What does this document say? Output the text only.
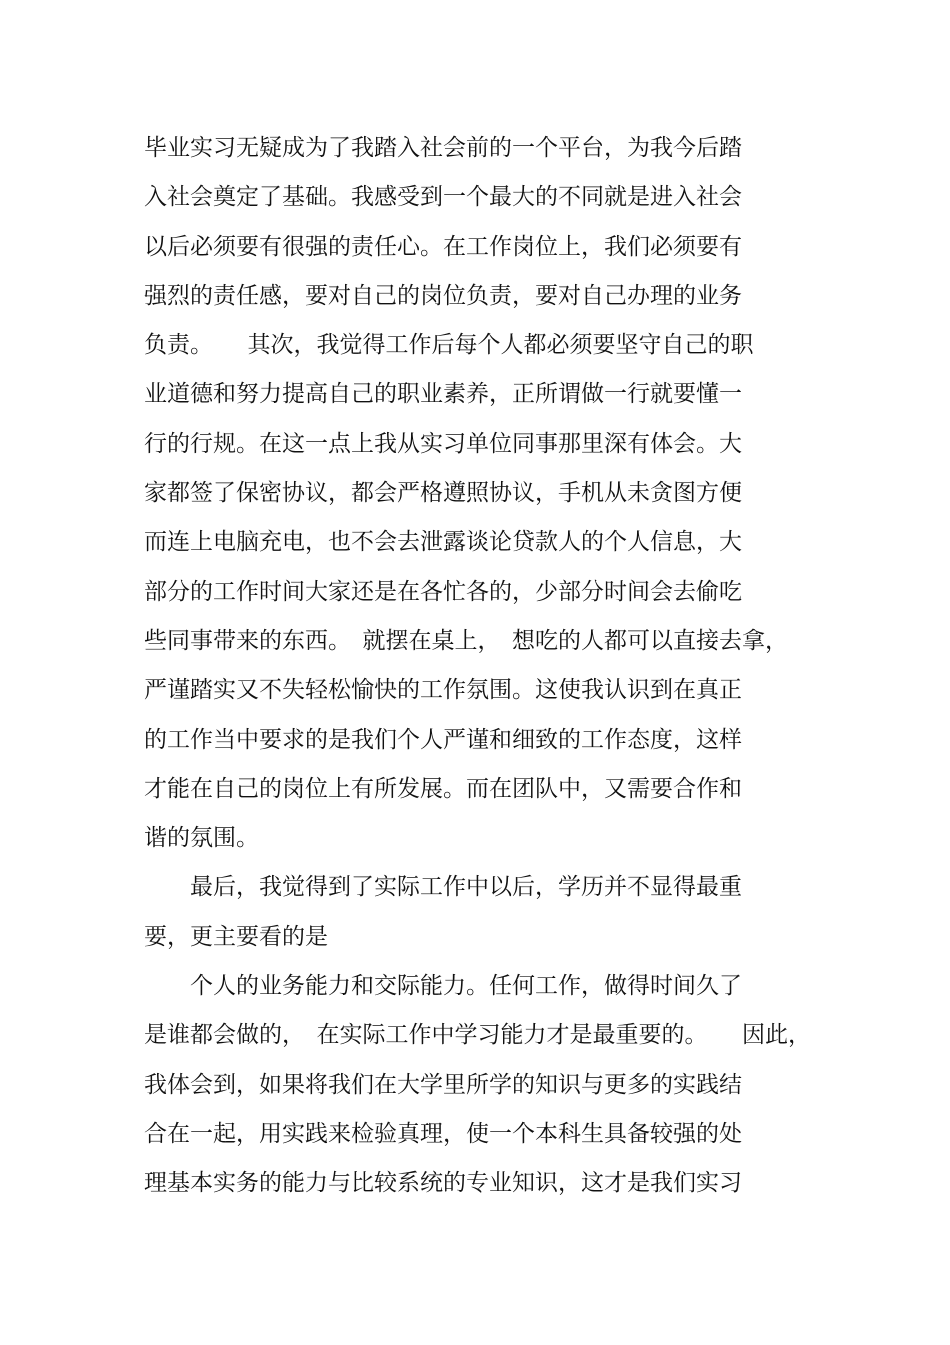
毕业实习无疑成为了我踏入社会前的一个平台，为我今后踏
入社会奠定了基础。我感受到一个最大的不同就是进入社会
以后必须要有很强的责任心。在工作岗位上，我们必须要有
强烈的责任感，要对自己的岗位负责，要对自己办理的业务
负责。　　其次，我觉得工作后每个人都必须要坚守自己的职
业道德和努力提高自己的职业素养，正所谓做一行就要懂一
行的行规。在这一点上我从实习单位同事那里深有体会。大
家都签了保密协议，都会严格遵照协议，手机从未贪图方便
而连上电脑充电，也不会去泄露谈论贷款人的个人信息，大
部分的工作时间大家还是在各忙各的，少部分时间会去偷吃
些同事带来的东西。　就摆在桌上，　想吃的人都可以直接去拿，
严谨踏实又不失轻松愉快的工作氛围。这使我认识到在真正
的工作当中要求的是我们个人严谨和细致的工作态度，这样
才能在自己的岗位上有所发展。而在团队中，又需要合作和
谐的氛围。
　　最后，我觉得到了实际工作中以后，学历并不显得最重
要，更主要看的是
　　个人的业务能力和交际能力。任何工作，做得时间久了
是谁都会做的，　在实际工作中学习能力才是最重要的。　　因此，
我体会到，如果将我们在大学里所学的知识与更多的实践结
合在一起，用实践来检验真理，使一个本科生具备较强的处
理基本实务的能力与比较系统的专业知识，这才是我们实习
